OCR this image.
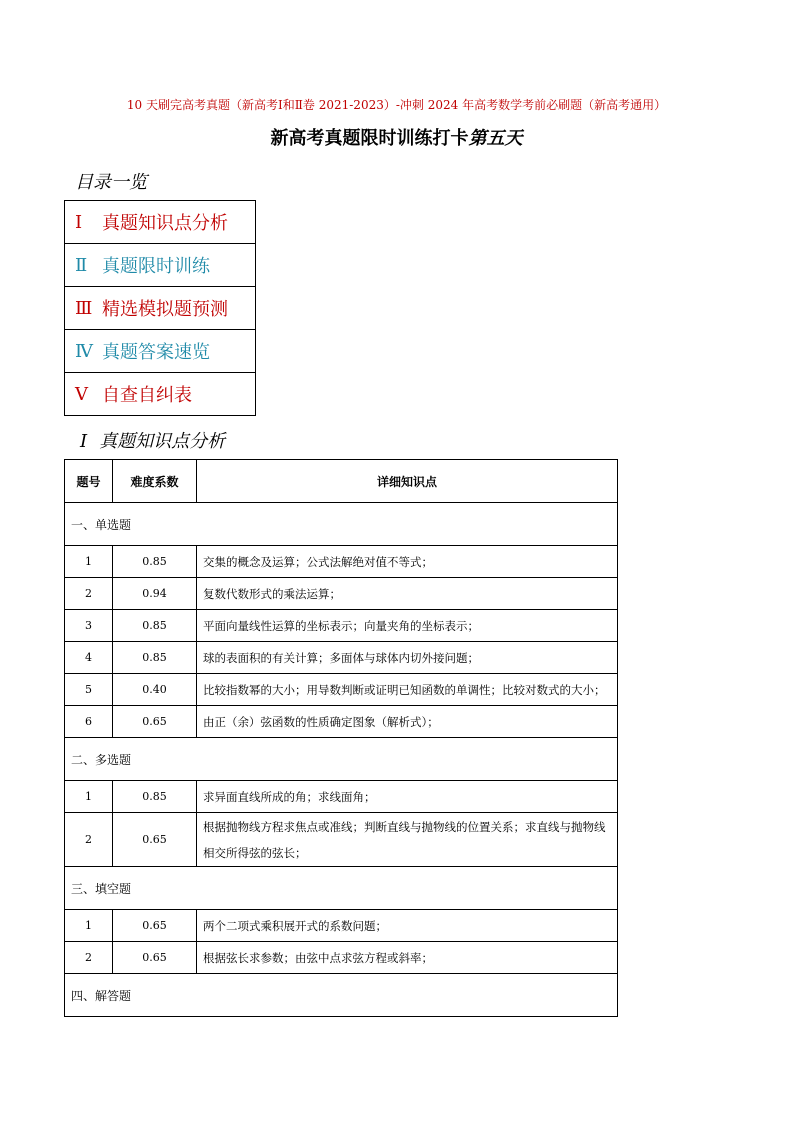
10 天刷完高考真题（新高考Ⅰ和Ⅱ卷 2021-2023）-冲刺 2024 年高考数学考前必刷题（新高考通用）
新高考真题限时训练打卡第五天
目录一览
Ⅰ	真题知识点分析
Ⅱ 真题限时训练
Ⅲ 精选模拟题预测
Ⅳ 真题答案速览
Ⅴ 自查自纠表
Ⅰ 真题知识点分析
题号	难度系数	详细知识点
一、单选题		
1	0.85	交集的概念及运算；公式法解绝对值不等式；
2	0.94	复数代数形式的乘法运算；
3	0.85	平面向量线性运算的坐标表示；向量夹角的坐标表示；
4	0.85	球的表面积的有关计算；多面体与球体内切外接问题；
5	0.40	比较指数幂的大小；用导数判断或证明已知函数的单调性；比较对数式的大小；
6	0.65	由正（余）弦函数的性质确定图象（解析式）；
二、多选题		
1	0.85	求异面直线所成的角；求线面角；
2	0.65	根据抛物线方程求焦点或准线；判断直线与抛物线的位置关系；求直线与抛物线相交所得弦的弦长；
三、填空题		
1	0.65	两个二项式乘积展开式的系数问题；
2	0.65	根据弦长求参数；由弦中点求弦方程或斜率；
四、解答题		
